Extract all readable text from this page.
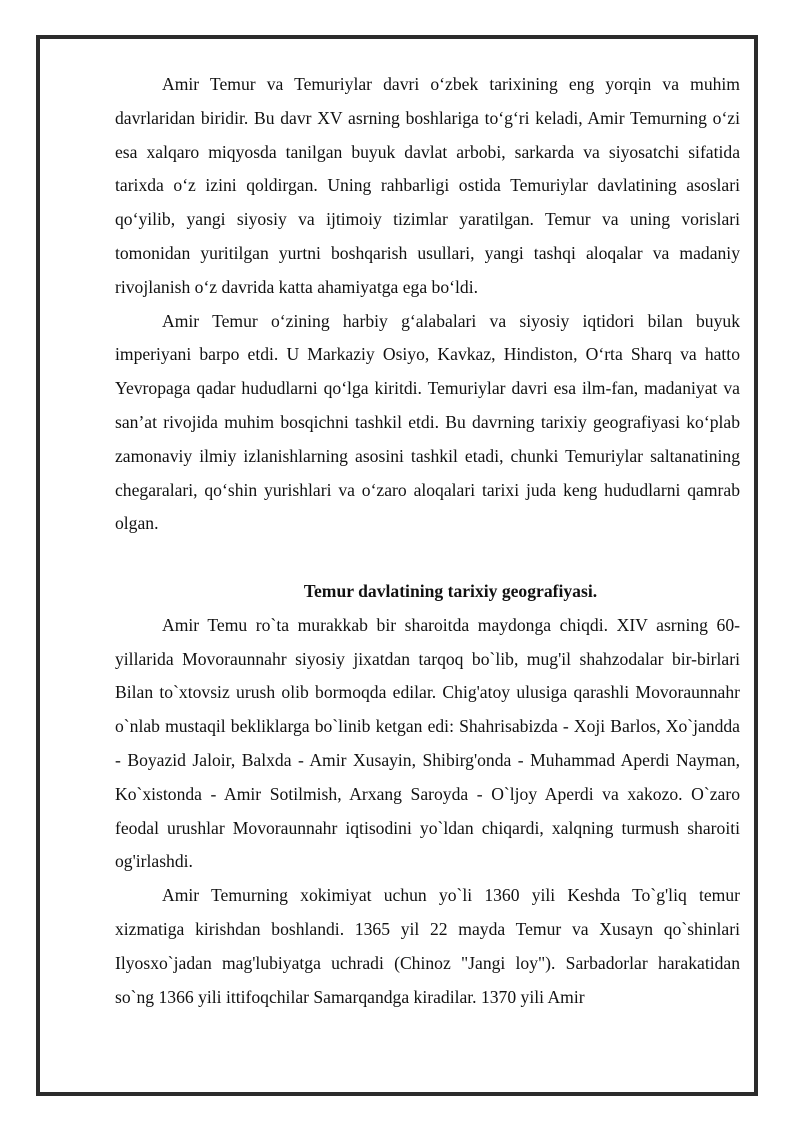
Amir Temur va Temuriylar davri o‘zbek tarixining eng yorqin va muhim davrlaridan biridir. Bu davr XV asrning boshlariga to‘g‘ri keladi, Amir Temurning o‘zi esa xalqaro miqyosda tanilgan buyuk davlat arbobi, sarkarda va siyosatchi sifatida tarixda o‘z izini qoldirgan. Uning rahbarligi ostida Temuriylar davlatining asoslari qo‘yilib, yangi siyosiy va ijtimoiy tizimlar yaratilgan. Temur va uning vorislari tomonidan yuritilgan yurtni boshqarish usullari, yangi tashqi aloqalar va madaniy rivojlanish o‘z davrida katta ahamiyatga ega bo‘ldi.

Amir Temur o‘zining harbiy g‘alabalari va siyosiy iqtidori bilan buyuk imperiyani barpo etdi. U Markaziy Osiyo, Kavkaz, Hindiston, O‘rta Sharq va hatto Yevropaga qadar hududlarni qo‘lga kiritdi. Temuriylar davri esa ilm-fan, madaniyat va san’at rivojida muhim bosqichni tashkil etdi. Bu davrning tarixiy geografiyasi ko‘plab zamonaviy ilmiy izlanishlarning asosini tashkil etadi, chunki Temuriylar saltanatining chegaralari, qo‘shin yurishlari va o‘zaro aloqalari tarixi juda keng hududlarni qamrab olgan.

Temur davlatining tarixiy geografiyasi.

Amir Temu ro`ta murakkab bir sharoitda maydonga chiqdi. XIV asrning 60-yillarida Movoraunnahr siyosiy jixatdan tarqoq bo`lib, mug'il shahzodalar bir-birlari Bilan to`xtovsiz urush olib bormoqda edilar. Chig'atoy ulusiga qarashli Movoraunnahr o`nlab mustaqil bekliklarga bo`linib ketgan edi: Shahrisabizda - Xoji Barlos, Xo`jandda - Boyazid Jaloir, Balxda - Amir Xusayin, Shibirg'onda - Muhammad Aperdi Nayman, Ko`xistonda - Amir Sotilmish, Arxang Saroyda - O`ljoy Aperdi va xakozo. O`zaro feodal urushlar Movoraunnahr iqtisodini yo`ldan chiqardi, xalqning turmush sharoiti og'irlashdi.

Amir Temurning xokimiyat uchun yo`li 1360 yili Keshda To`g'liq temur xizmatiga kirishdan boshlandi. 1365 yil 22 mayda Temur va Xusayn qo`shinlari Ilyosxo`jadan mag'lubiyatga uchradi (Chinoz "Jangi loy"). Sarbadorlar harakatidan so`ng 1366 yili ittifoqchilar Samarqandga kiradilar. 1370 yili Amir
